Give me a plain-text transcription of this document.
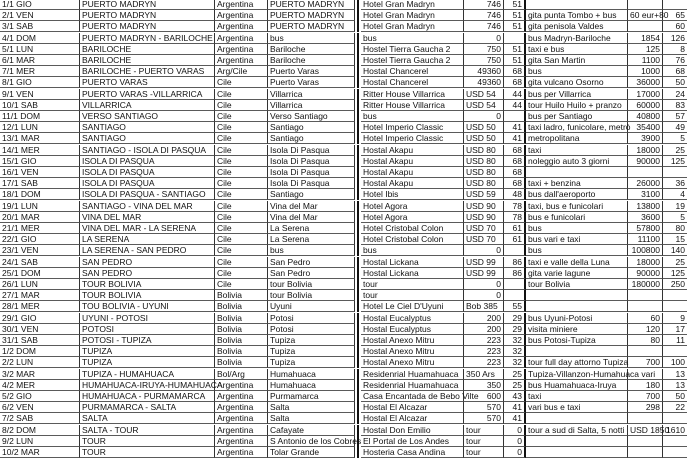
1/1 GIO	PUERTO MADRYN	Argentina	PUERTO MADRYN	Hotel Gran Madryn	746	51
2/1 VEN	PUERTO MADRYN	Argentina	PUERTO MADRYN	Hotel Gran Madryn	746	51 gita punta Tombo + bus	60 eur+80 65
3/1 SAB	PUERTO MADRYN	Argentina	PUERTO MADRYN	Hotel Gran Madryn	746	51 gita penisola Valdes	60
4/1 DOM	PUERTO MADRYN - BARILOCHE Argentina	bus	bus	0	bus Madryn-Bariloche	1854	126
5/1 LUN	BARILOCHE	Argentina	Bariloche	Hostel Tierra Gaucha 2	750	51 taxi e bus	125	8
6/1 MAR	BARILOCHE	Argentina	Bariloche	Hostel Tierra Gaucha 2	750	51 gita San Martin	1100	76
7/1 MER	BARILOCHE - PUERTO VARAS	Arg/Cile	Puerto Varas	Hostal Chancerel	49360	68 bus	1000	68
8/1 GIO	PUERTO VARAS	Cile	Puerto Varas	Hostal Chancerel	49360	68 gita vulcano Osorno	36000	50
9/1 VEN	PUERTO VARAS -VILLARRICA	Cile	Villarrica	Ritter House Villarrica	USD 54	44 bus per Villarrica	17000	24
10/1 SAB	VILLARRICA	Cile	Villarrica	Ritter House Villarrica	USD 54	44 tour Huilo Huilo + pranzo	60000	83
11/1 DOM	VERSO SANTIAGO	Cile	Verso Santiago	bus	0	bus per Santiago	40800	57
12/1 LUN	SANTIAGO	Cile	Santiago	Hotel Imperio Classic	USD 50	41 taxi ladro, funicolare, metrò 35400	49
13/1 MAR	SANTIAGO	Cile	Santiago	Hotel Imperio Classic	USD 50	41 metropolitana	3900	5
14/1 MER	SANTIAGO - ISOLA DI PASQUA	Cile	Isola Di Pasqua	Hostal Akapu	USD 80	68 taxi	18000	25
15/1 GIO	ISOLA DI PASQUA	Cile	Isola Di Pasqua	Hostal Akapu	USD 80	68 noleggio auto 3 giorni	90000	125
16/1 VEN	ISOLA DI PASQUA	Cile	Isola Di Pasqua	Hostal Akapu	USD 80	68
17/1 SAB	ISOLA DI PASQUA	Cile	Isola Di Pasqua	Hostal Akapu	USD 80	68 taxi + benzina	26000	36
18/1 DOM	ISOLA DI PASQUA - SANTIAGO	Cile	Santiago	Hotel Ibis	USD 59	48 bus dall'aeroporto	3100	4
19/1 LUN	SANTIAGO - VINA DEL MAR	Cile	Vina del Mar	Hotel Agora	USD 90	78 taxi, bus e funicolari	13800	19
20/1 MAR	VINA DEL MAR	Cile	Vina del Mar	Hotel Agora	USD 90	78 bus e funicolari	3600	5
21/1 MER	VINA DEL MAR - LA SERENA	Cile	La Serena	Hotel Cristobal Colon	USD 70	61 bus	57800	80
22/1 GIO	LA SERENA	Cile	La Serena	Hotel Cristobal Colon	USD 70	61 bus vari e taxi	11100	15
23/1 VEN	LA SERENA - SAN PEDRO	Cile	bus	bus	0	bus	100800	140
24/1 SAB	SAN PEDRO	Cile	San Pedro	Hostal Lickana	USD 99	86 taxi e valle della Luna	18000	25
25/1 DOM	SAN PEDRO	Cile	San Pedro	Hostal Lickana	USD 99	86 gita varie lagune	90000	125
26/1 LUN	TOUR BOLIVIA	Cile	tour Bolivia	tour	0	tour Bolivia	180000	250
27/1 MAR	TOUR BOLIVIA	Bolivia	tour Bolivia	tour	0
28/1 MER	TOU BOLIVIA - UYUNI	Bolivia	Uyuni	Hotel Le Ciel D'Uyuni	Bob 385	55
29/1 GIO	UYUNI - POTOSI	Bolivia	Potosi	Hostal Eucalyptus	200	29 bus Uyuni-Potosi	60	9
30/1 VEN	POTOSI	Bolivia	Potosi	Hostal Eucalyptus	200	29 visita miniere	120	17
31/1 SAB	POTOSI - TUPIZA	Bolivia	Tupiza	Hostal Anexo Mitru	223	32 bus Potosi-Tupiza	80	11
1/2 DOM	TUPIZA	Bolivia	Tupiza	Hostal Anexo Mitru	223	32
2/2 LUN	TUPIZA	Bolivia	Tupiza	Hostal Anexo Mitru	223	32 tour full day attorno Tupiza	700	100
3/2 MAR	TUPIZA - HUMAHUACA	Bol/Arg	Humahuaca	Residenrial Huamahuaca 350 Ars	25 Tupiza-Villanzon-Humahuaca vari	13
4/2 MER	HUMAHUACA-IRUYA-HUMAHUACA
Argentina	Humahuaca	Residenrial Huamahuaca	350	25 bus Huamahuaca-Iruya	180	13
5/2 GIO	HUMAHUACA - PURMAMARCA	Argentina	Purmamarca	Casa Encantada de Bebo Vilte 600	43 taxi	700	50
6/2 VEN	PURMAMARCA - SALTA	Argentina	Salta	Hostal El Alcazar	570	41 vari bus e taxi	298	22
7/2 SAB	SALTA	Argentina	Salta	Hostal El Alcazar	570	41
8/2 DOM	SALTA - TOUR	Argentina	Cafayate	Hostal Don Emilio	tour	0 tour a sud di Salta, 5 notti USD 1850
1610
9/2 LUN	TOUR	Argentina	S Antonio de los Cobres El Portal de Los Andes	tour	0
10/2 MAR	TOUR	Argentina	Tolar Grande	Hosteria Casa Andina	tour	0
